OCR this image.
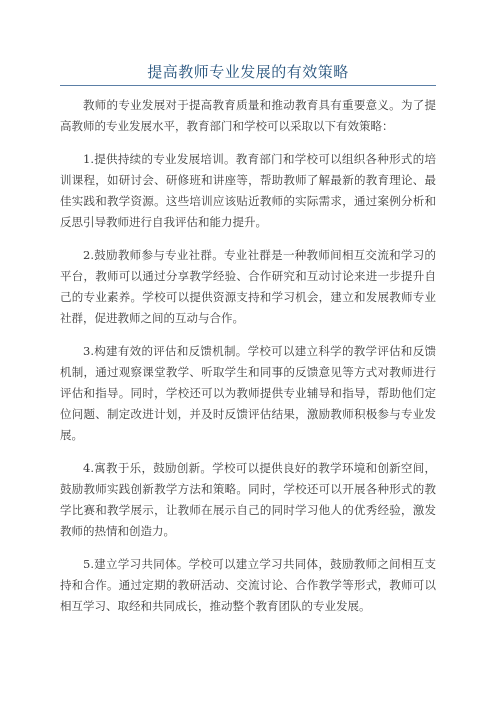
提高教师专业发展的有效策略

教师的专业发展对于提高教育质量和推动教育具有重要意义。为了提高教师的专业发展水平，教育部门和学校可以采取以下有效策略：

1.提供持续的专业发展培训。教育部门和学校可以组织各种形式的培训课程，如研讨会、研修班和讲座等，帮助教师了解最新的教育理论、最佳实践和教学资源。这些培训应该贴近教师的实际需求，通过案例分析和反思引导教师进行自我评估和能力提升。

2.鼓励教师参与专业社群。专业社群是一种教师间相互交流和学习的平台，教师可以通过分享教学经验、合作研究和互动讨论来进一步提升自己的专业素养。学校可以提供资源支持和学习机会，建立和发展教师专业社群，促进教师之间的互动与合作。

3.构建有效的评估和反馈机制。学校可以建立科学的教学评估和反馈机制，通过观察课堂教学、听取学生和同事的反馈意见等方式对教师进行评估和指导。同时，学校还可以为教师提供专业辅导和指导，帮助他们定位问题、制定改进计划，并及时反馈评估结果，激励教师积极参与专业发展。

4.寓教于乐，鼓励创新。学校可以提供良好的教学环境和创新空间，鼓励教师实践创新教学方法和策略。同时，学校还可以开展各种形式的教学比赛和教学展示，让教师在展示自己的同时学习他人的优秀经验，激发教师的热情和创造力。

5.建立学习共同体。学校可以建立学习共同体，鼓励教师之间相互支持和合作。通过定期的教研活动、交流讨论、合作教学等形式，教师可以相互学习、取经和共同成长，推动整个教育团队的专业发展。
